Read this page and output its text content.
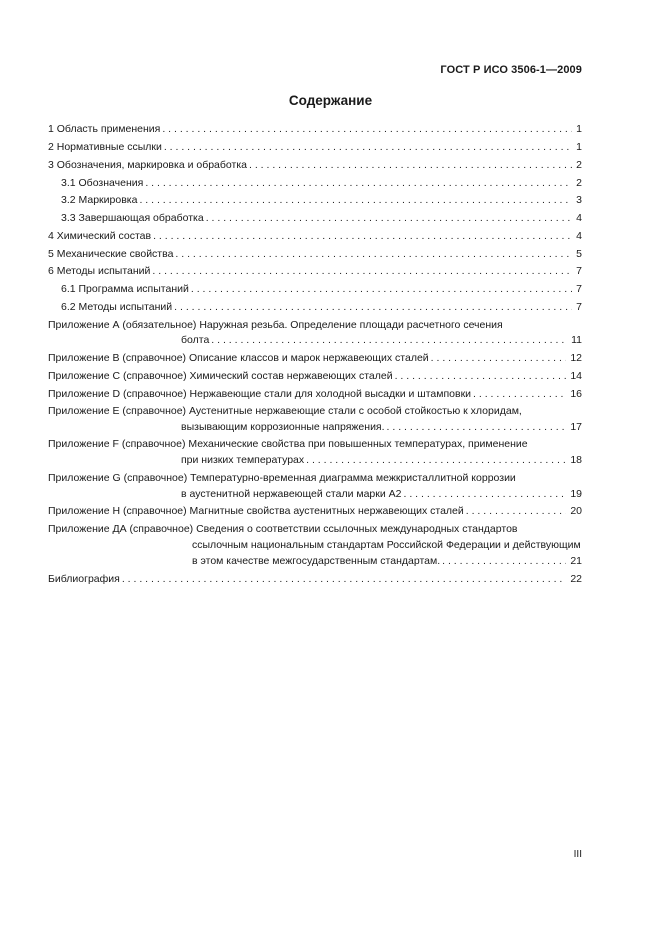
ГОСТ Р ИСО 3506-1—2009
Содержание
1 Область применения . . .	1
2 Нормативные ссылки . . .	1
3 Обозначения, маркировка и обработка . . .	2
3.1 Обозначения . . .	2
3.2 Маркировка . . .	3
3.3 Завершающая обработка . . .	4
4 Химический состав . . .	4
5 Механические свойства . . .	5
6 Методы испытаний . . .	7
6.1 Программа испытаний . . .	7
6.2 Методы испытаний . . .	7
Приложение А (обязательное) Наружная резьба. Определение площади расчетного сечения
болта . . .	11
Приложение В (справочное) Описание классов и марок нержавеющих сталей . . .	12
Приложение С (справочное) Химический состав нержавеющих сталей . . .	14
Приложение D (справочное) Нержавеющие стали для холодной высадки и штамповки . . .	16
Приложение Е (справочное) Аустенитные нержавеющие стали с особой стойкостью к хлоридам,
вызывающим коррозионные напряжения. . . .	17
Приложение F (справочное) Механические свойства при повышенных температурах, применение
при низких температурах . . .	18
Приложение G (справочное) Температурно-временная диаграмма межкристаллитной коррозии
в аустенитной нержавеющей стали марки А2 . . .	19
Приложение Н (справочное) Магнитные свойства аустенитных нержавеющих сталей . . .	20
Приложение ДА (справочное) Сведения о соответствии ссылочных международных стандартов
ссылочным национальным стандартам Российской Федерации и действующим
в этом качестве межгосударственным стандартам. . . .	21
Библиография . . .	22
III
